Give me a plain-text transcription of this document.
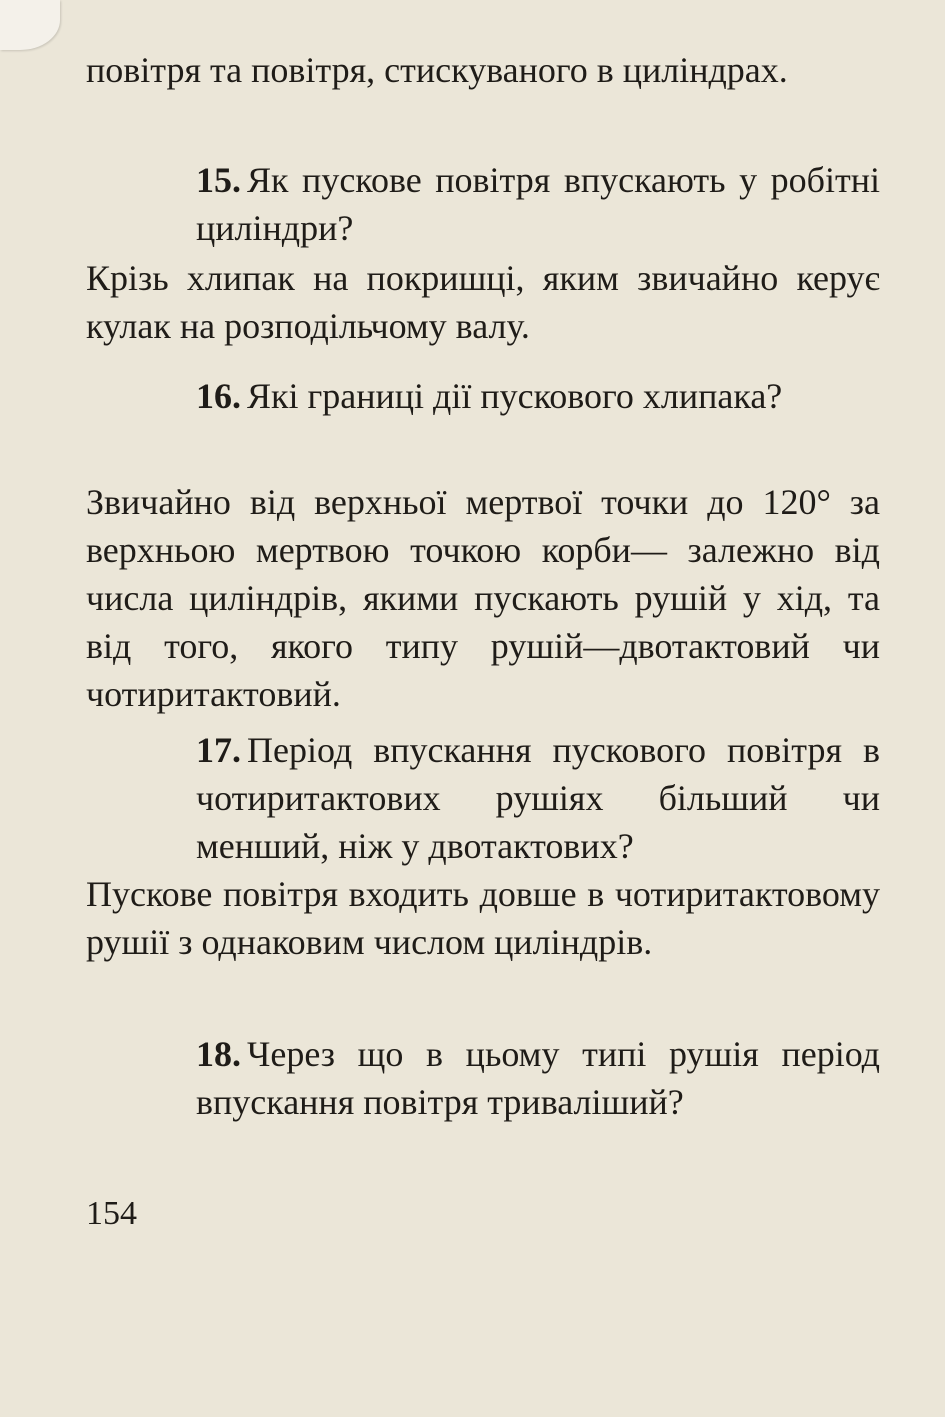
повітря та повітря, стискуваного в циліндрах.
15. Як пускове повітря впускають у робітні циліндри?
Крізь хлипак на покришці, яким звичайно керує кулак на розподільчому валу.
16. Які границі дії пускового хлипака?
Звичайно від верхньої мертвої точки до 120° за верхньою мертвою точкою корби— залежно від числа циліндрів, якими пускають рушій у хід, та від того, якого типу рушій—двотактовий чи чотиритактовий.
17. Період впускання пускового повітря в чотиритактових рушіях більший чи менший, ніж у двотактових?
Пускове повітря входить довше в чотиритактовому рушії з однаковим числом циліндрів.
18. Через що в цьому типі рушія період впускання повітря триваліший?
154
